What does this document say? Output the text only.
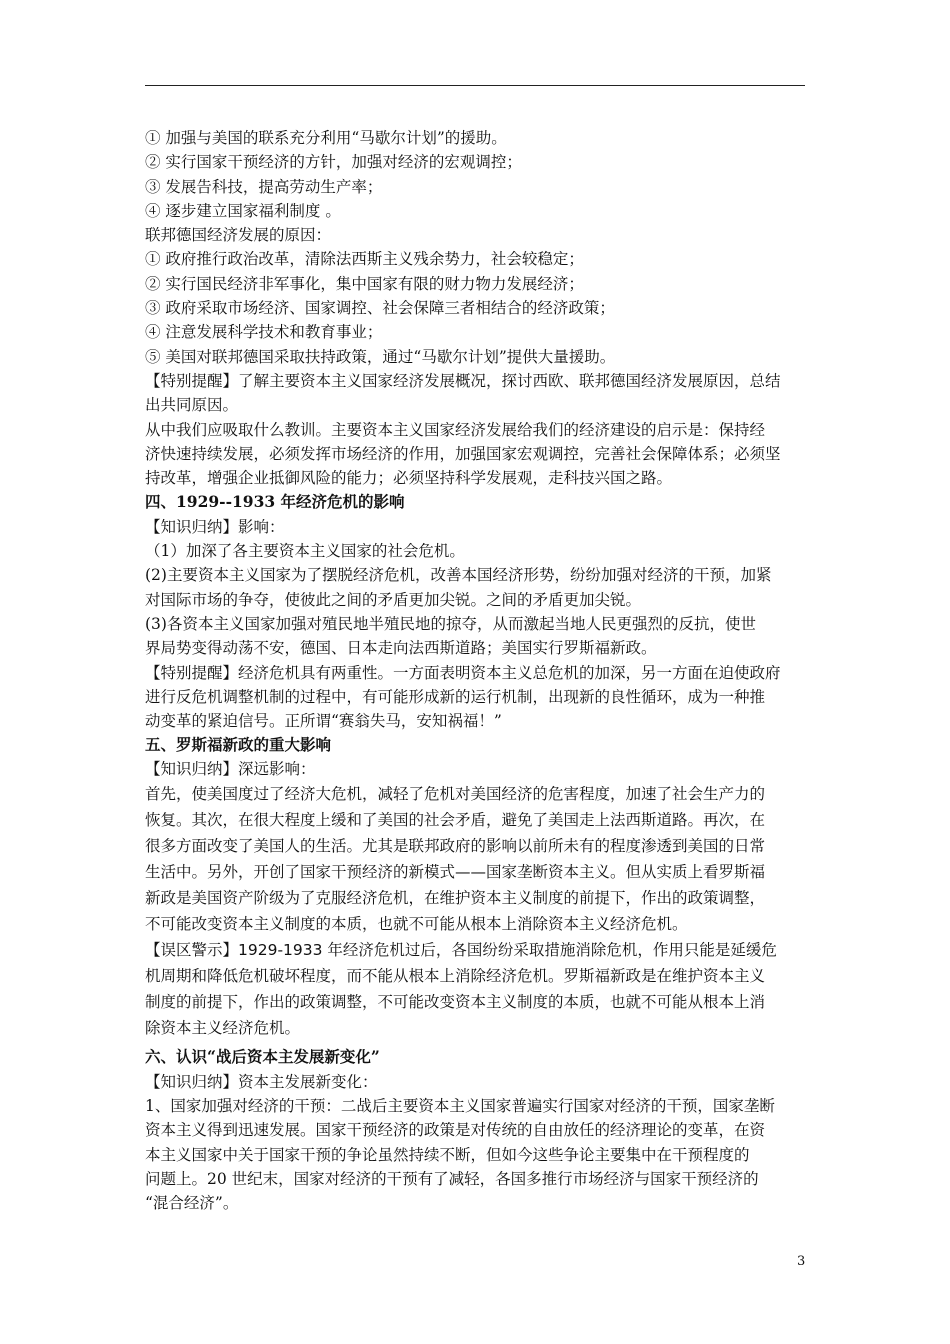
① 加强与美国的联系充分利用“马歇尔计划”的援助。
② 实行国家干预经济的方针，加强对经济的宏观调控；
③ 发展告科技，提高劳动生产率；
④ 逐步建立国家福利制度 。
联邦德国经济发展的原因：
① 政府推行政治改革，清除法西斯主义残余势力，社会较稳定；
② 实行国民经济非军事化，集中国家有限的财力物力发展经济；
③ 政府采取市场经济、国家调控、社会保障三者相结合的经济政策；
④ 注意发展科学技术和教育事业；
⑤ 美国对联邦德国采取扶持政策，通过“马歇尔计划”提供大量援助。
【特别提醒】了解主要资本主义国家经济发展概况，探讨西欧、联邦德国经济发展原因，总结
出共同原因。
从中我们应吸取什么教训。主要资本主义国家经济发展给我们的经济建设的启示是：保持经
济快速持续发展，必须发挥市场经济的作用，加强国家宏观调控，完善社会保障体系；必须坚
持改革，增强企业抵御风险的能力；必须坚持科学发展观，走科技兴国之路。
四、1929--1933 年经济危机的影响
【知识归纳】影响：
（1）加深了各主要资本主义国家的社会危机。
(2)主要资本主义国家为了摆脱经济危机，改善本国经济形势，纷纷加强对经济的干预，加紧
对国际市场的争夺，使彼此之间的矛盾更加尖锐。之间的矛盾更加尖锐。
(3)各资本主义国家加强对殖民地半殖民地的掠夺，从而激起当地人民更强烈的反抗，使世
界局势变得动荡不安，德国、日本走向法西斯道路；美国实行罗斯福新政。
【特别提醒】经济危机具有两重性。一方面表明资本主义总危机的加深，另一方面在迫使政府
进行反危机调整机制的过程中，有可能形成新的运行机制，出现新的良性循环，成为一种推
动变革的紧迫信号。正所谓“赛翁失马，安知祸福！”
五、罗斯福新政的重大影响
【知识归纳】深远影响：
首先，使美国度过了经济大危机，减轻了危机对美国经济的危害程度，加速了社会生产力的
恢复。其次，在很大程度上缓和了美国的社会矛盾，避免了美国走上法西斯道路。再次，在
很多方面改变了美国人的生活。尤其是联邦政府的影响以前所未有的程度渗透到美国的日常
生活中。另外，开创了国家干预经济的新模式——国家垄断资本主义。但从实质上看罗斯福
新政是美国资产阶级为了克服经济危机，在维护资本主义制度的前提下，作出的政策调整，
不可能改变资本主义制度的本质，也就不可能从根本上消除资本主义经济危机。
【误区警示】1929-1933 年经济危机过后，各国纷纷采取措施消除危机，作用只能是延缓危
机周期和降低危机破坏程度，而不能从根本上消除经济危机。罗斯福新政是在维护资本主义
制度的前提下，作出的政策调整，不可能改变资本主义制度的本质，也就不可能从根本上消
除资本主义经济危机。
六、认识“战后资本主发展新变化”
【知识归纳】资本主发展新变化：
1、国家加强对经济的干预：二战后主要资本主义国家普遍实行国家对经济的干预，国家垄断
资本主义得到迅速发展。国家干预经济的政策是对传统的自由放任的经济理论的变革，在资
本主义国家中关于国家干预的争论虽然持续不断，但如今这些争论主要集中在干预程度的
问题上。20 世纪末，国家对经济的干预有了减轻，各国多推行市场经济与国家干预经济的
“混合经济”。
3
